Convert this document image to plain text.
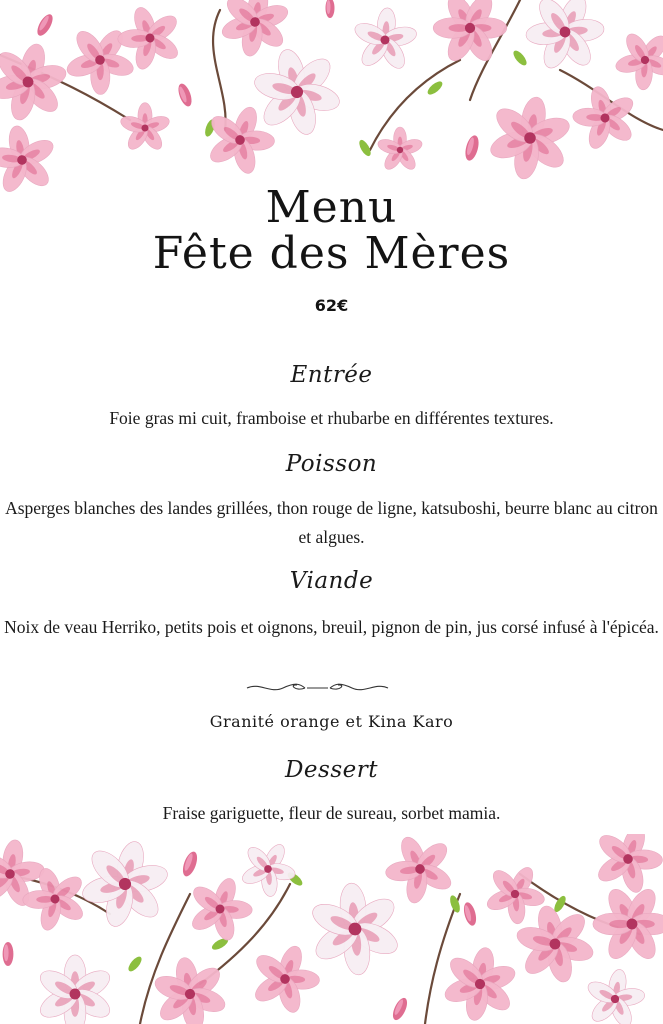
Menu
Fête des Mères
62€
Entrée
Foie gras mi cuit, framboise et rhubarbe en différentes textures.
Poisson
Asperges blanches des landes grillées, thon rouge de ligne, katsuboshi, beurre blanc au citron et algues.
Viande
Noix de veau Herriko, petits pois et oignons, breuil, pignon de pin, jus corsé infusé à l'épicéa.
Granité orange et Kina Karo
Dessert
Fraise gariguette, fleur de sureau, sorbet mamia.
